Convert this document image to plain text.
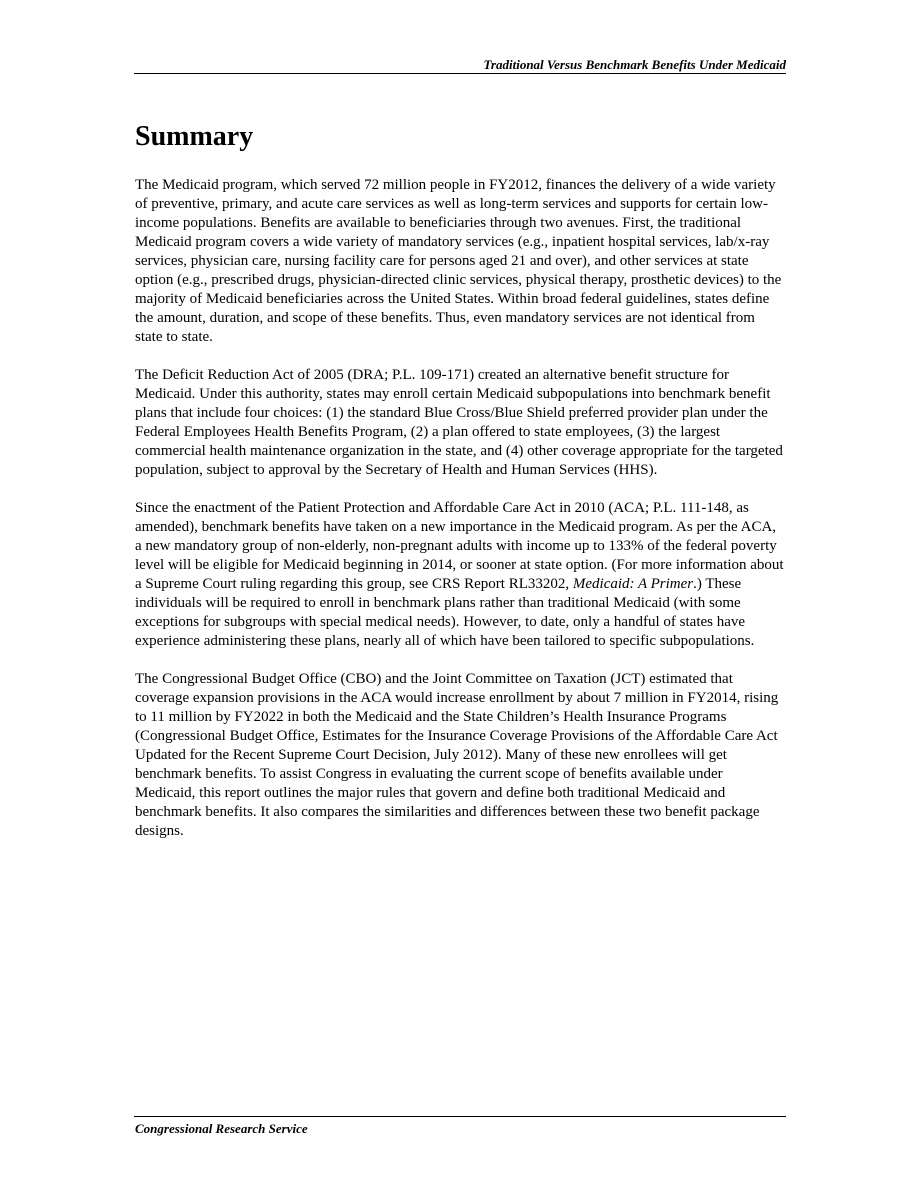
Traditional Versus Benchmark Benefits Under Medicaid
Summary

The Medicaid program, which served 72 million people in FY2012, finances the delivery of a wide variety of preventive, primary, and acute care services as well as long-term services and supports for certain low-income populations. Benefits are available to beneficiaries through two avenues. First, the traditional Medicaid program covers a wide variety of mandatory services (e.g., inpatient hospital services, lab/x-ray services, physician care, nursing facility care for persons aged 21 and over), and other services at state option (e.g., prescribed drugs, physician-directed clinic services, physical therapy, prosthetic devices) to the majority of Medicaid beneficiaries across the United States. Within broad federal guidelines, states define the amount, duration, and scope of these benefits. Thus, even mandatory services are not identical from state to state.

The Deficit Reduction Act of 2005 (DRA; P.L. 109-171) created an alternative benefit structure for Medicaid. Under this authority, states may enroll certain Medicaid subpopulations into benchmark benefit plans that include four choices: (1) the standard Blue Cross/Blue Shield preferred provider plan under the Federal Employees Health Benefits Program, (2) a plan offered to state employees, (3) the largest commercial health maintenance organization in the state, and (4) other coverage appropriate for the targeted population, subject to approval by the Secretary of Health and Human Services (HHS).

Since the enactment of the Patient Protection and Affordable Care Act in 2010 (ACA; P.L. 111-148, as amended), benchmark benefits have taken on a new importance in the Medicaid program. As per the ACA, a new mandatory group of non-elderly, non-pregnant adults with income up to 133% of the federal poverty level will be eligible for Medicaid beginning in 2014, or sooner at state option. (For more information about a Supreme Court ruling regarding this group, see CRS Report RL33202, Medicaid: A Primer.) These individuals will be required to enroll in benchmark plans rather than traditional Medicaid (with some exceptions for subgroups with special medical needs). However, to date, only a handful of states have experience administering these plans, nearly all of which have been tailored to specific subpopulations.

The Congressional Budget Office (CBO) and the Joint Committee on Taxation (JCT) estimated that coverage expansion provisions in the ACA would increase enrollment by about 7 million in FY2014, rising to 11 million by FY2022 in both the Medicaid and the State Children’s Health Insurance Programs (Congressional Budget Office, Estimates for the Insurance Coverage Provisions of the Affordable Care Act Updated for the Recent Supreme Court Decision, July 2012). Many of these new enrollees will get benchmark benefits. To assist Congress in evaluating the current scope of benefits available under Medicaid, this report outlines the major rules that govern and define both traditional Medicaid and benchmark benefits. It also compares the similarities and differences between these two benefit package designs.

Congressional Research Service
